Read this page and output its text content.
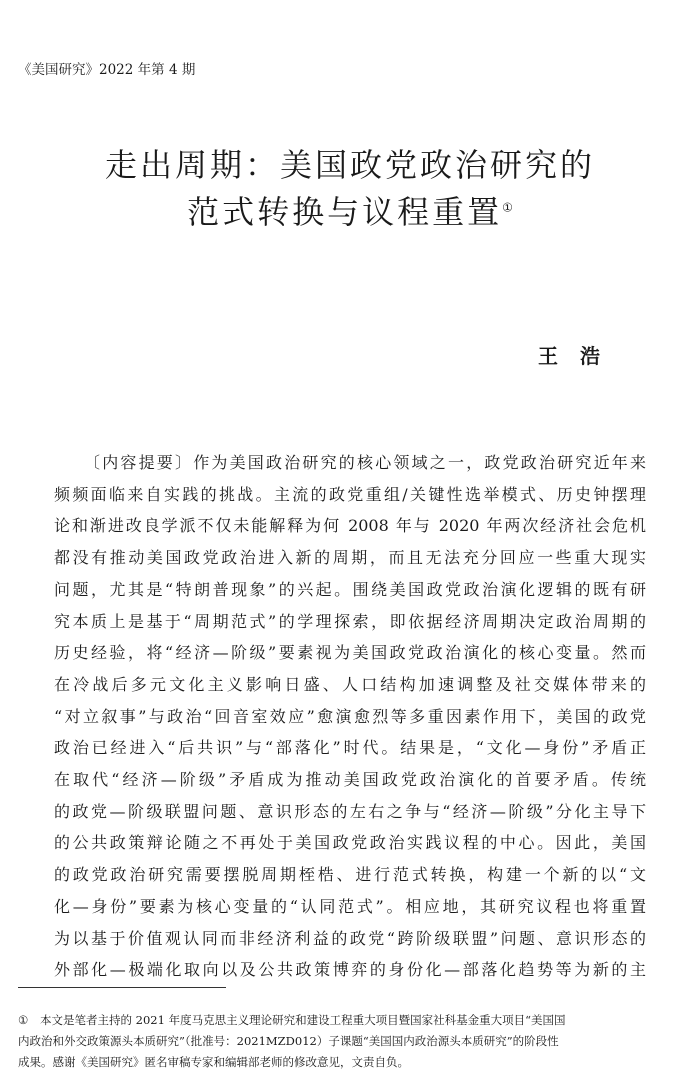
《美国研究》2022 年第 4 期
走出周期：美国政党政治研究的
范式转换与议程重置①
王浩
〔内容提要〕作为美国政治研究的核心领域之一，政党政治研究近年来
频频面临来自实践的挑战。主流的政党重组/关键性选举模式、历史钟摆理
论和渐进改良学派不仅未能解释为何 2008 年与 2020 年两次经济社会危机
都没有推动美国政党政治进入新的周期，而且无法充分回应一些重大现实
问题，尤其是“特朗普现象”的兴起。围绕美国政党政治演化逻辑的既有研
究本质上是基于“周期范式”的学理探索，即依据经济周期决定政治周期的
历史经验，将“经济—阶级”要素视为美国政党政治演化的核心变量。然而
在冷战后多元文化主义影响日盛、人口结构加速调整及社交媒体带来的
“对立叙事”与政治“回音室效应”愈演愈烈等多重因素作用下，美国的政党
政治已经进入“后共识”与“部落化”时代。结果是，“文化—身份”矛盾正
在取代“经济—阶级”矛盾成为推动美国政党政治演化的首要矛盾。传统
的政党—阶级联盟问题、意识形态的左右之争与“经济—阶级”分化主导下
的公共政策辩论随之不再处于美国政党政治实践议程的中心。因此，美国
的政党政治研究需要摆脱周期桎梏、进行范式转换，构建一个新的以“文
化—身份”要素为核心变量的“认同范式”。相应地，其研究议程也将重置
为以基于价值观认同而非经济利益的政党“跨阶级联盟”问题、意识形态的
外部化—极端化取向以及公共政策博弈的身份化—部落化趋势等为新的主
① 本文是笔者主持的 2021 年度马克思主义理论研究和建设工程重大项目暨国家社科基金重大项目“美国国
内政治和外交政策源头本质研究”（批准号：2021MZD012）子课题“美国国内政治源头本质研究”的阶段性
成果。感谢《美国研究》匿名审稿专家和编辑部老师的修改意见，文责自负。
